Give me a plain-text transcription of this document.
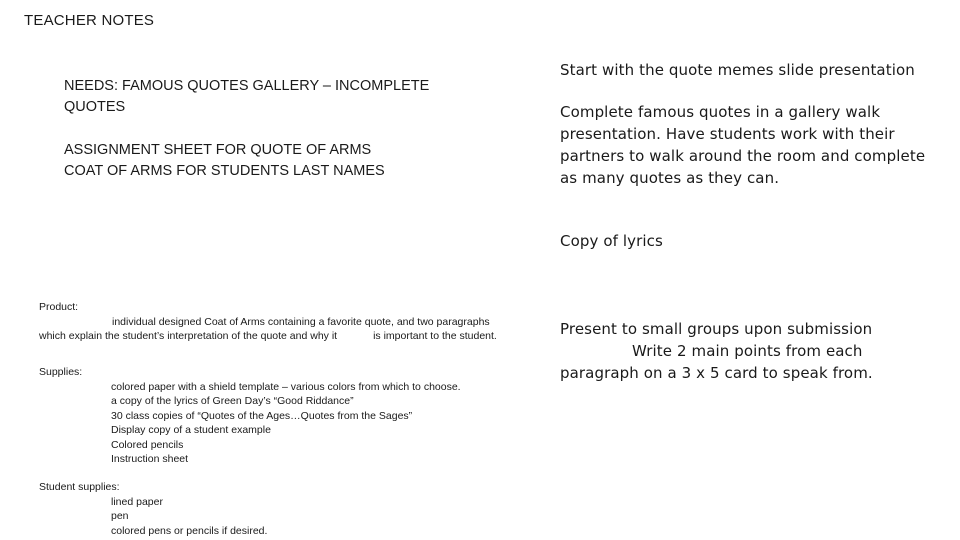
TEACHER NOTES
NEEDS: FAMOUS QUOTES GALLERY – INCOMPLETE QUOTES
ASSIGNMENT SHEET FOR QUOTE OF ARMS
COAT OF ARMS FOR STUDENTS LAST NAMES
Product:
individual designed Coat of Arms containing a favorite quote, and two paragraphs
which explain the student’s interpretation of the quote and why it	is important to the student.
Supplies:
colored paper with a shield template – various colors from which to choose.
a copy of the lyrics of Green Day’s “Good Riddance”
30 class copies of “Quotes of the Ages…Quotes from the Sages”
Display copy of a student example
Colored pencils
Instruction sheet
Student supplies:
lined paper
pen
colored pens or pencils if desired.
Start with the quote memes slide presentation
Complete famous quotes in a gallery walk presentation. Have students work with their partners to walk around the room and complete as many quotes as they can.
Copy of lyrics
Present to small groups upon submission
Write 2 main points from each
paragraph on a 3 x 5 card to speak from.
